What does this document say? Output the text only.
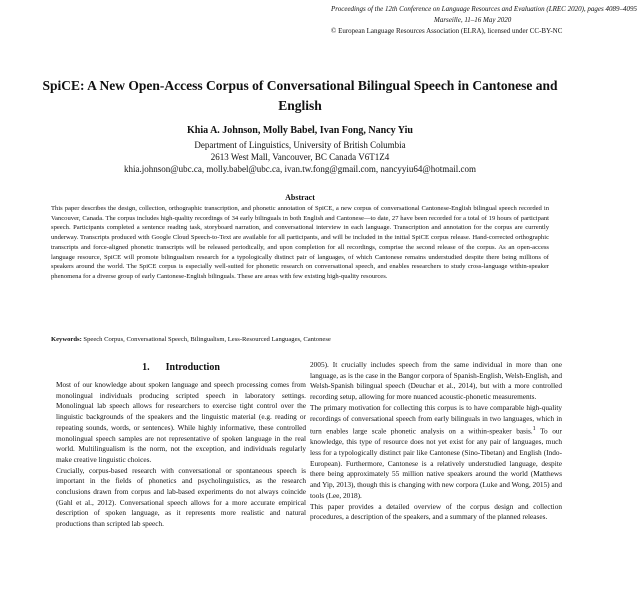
Proceedings of the 12th Conference on Language Resources and Evaluation (LREC 2020), pages 4089–4095
Marseille, 11–16 May 2020
© European Language Resources Association (ELRA), licensed under CC-BY-NC
SpiCE: A New Open-Access Corpus of Conversational Bilingual Speech in Cantonese and English
Khia A. Johnson, Molly Babel, Ivan Fong, Nancy Yiu
Department of Linguistics, University of British Columbia
2613 West Mall, Vancouver, BC Canada V6T1Z4
khia.johnson@ubc.ca, molly.babel@ubc.ca, ivan.tw.fong@gmail.com, nancyyiu64@hotmail.com
Abstract

This paper describes the design, collection, orthographic transcription, and phonetic annotation of SpiCE, a new corpus of conversational Cantonese-English bilingual speech recorded in Vancouver, Canada. The corpus includes high-quality recordings of 34 early bilinguals in both English and Cantonese—to date, 27 have been recorded for a total of 19 hours of participant speech. Participants completed a sentence reading task, storyboard narration, and conversational interview in each language. Transcription and annotation for the corpus are currently underway. Transcripts produced with Google Cloud Speech-to-Text are available for all participants, and will be included in the initial SpiCE corpus release. Hand-corrected orthographic transcripts and force-aligned phonetic transcripts will be released periodically, and upon completion for all recordings, comprise the second release of the corpus. As an open-access language resource, SpiCE will promote bilingualism research for a typologically distinct pair of languages, of which Cantonese remains understudied despite there being millions of speakers around the world. The SpiCE corpus is especially well-suited for phonetic research on conversational speech, and enables researchers to study cross-language within-speaker phenomena for a diverse group of early Cantonese-English bilinguals. These are areas with few existing high-quality resources.

Keywords: Speech Corpus, Conversational Speech, Bilingualism, Less-Resourced Languages, Cantonese
1. Introduction

Most of our knowledge about spoken language and speech processing comes from monolingual individuals producing scripted speech in laboratory settings. Monolingual lab speech allows for researchers to exercise tight control over the linguistic backgrounds of the speakers and the linguistic material (e.g. reading or repeating sounds, words, or sentences). While highly informative, these controlled monolingual speech samples are not representative of spoken language in the real world. Multilingualism is the norm, not the exception, and individuals regularly make creative linguistic choices.

Crucially, corpus-based research with conversational or spontaneous speech is important in the fields of phonetics and psycholinguistics, as the research conclusions drawn from corpus and lab-based experiments do not always coincide (Gahl et al., 2012). Conversational speech allows for a more accurate empirical description of spoken language, as it represents more realistic and natural productions than scripted lab speech.

2005). It crucially includes speech from the same individual in more than one language, as is the case in the Bangor corpora of Spanish-English, Welsh-English, and Welsh-Spanish bilingual speech (Deuchar et al., 2014), but with a more controlled recording setup, allowing for more nuanced acoustic-phonetic measurements.

The primary motivation for collecting this corpus is to have comparable high-quality recordings of conversational speech from early bilinguals in two languages, which in turn enables large scale phonetic analysis on a within-speaker basis.$^1$ To our knowledge, this type of resource does not yet exist for any pair of languages, much less for a typologically distinct pair like Cantonese (Sino-Tibetan) and English (Indo-European). Furthermore, Cantonese is a relatively understudied language, despite there being approximately 55 million native speakers around the world (Matthews and Yip, 2013), though this is changing with new corpora (Luke and Wong, 2015) and tools (Lee, 2018).

This paper provides a detailed overview of the corpus design and collection procedures, a description of the speakers, and a summary of the planned releases.
